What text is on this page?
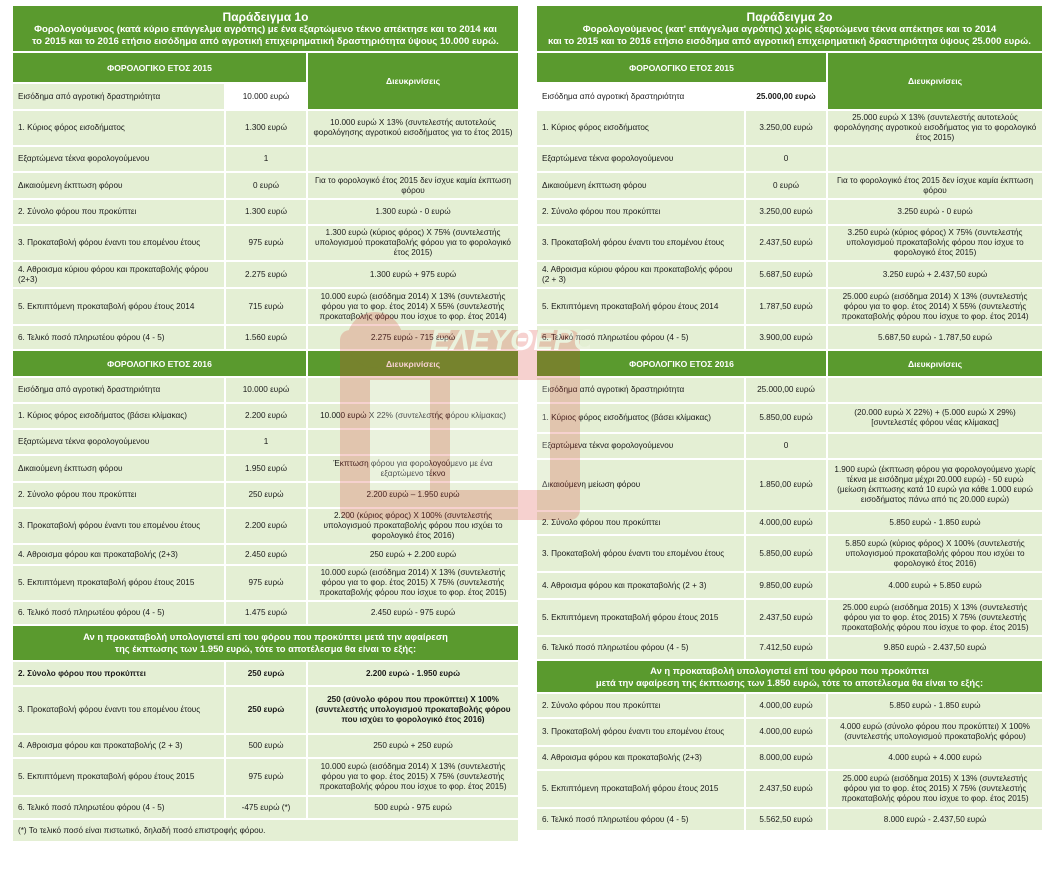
Παράδειγμα 1ο
Φορολογούμενος (κατά κύριο επάγγελμα αγρότης) με ένα εξαρτώμενο τέκνο απέκτησε και το 2014 και
το 2015 και το 2016 ετήσιο εισόδημα από αγροτική επιχειρηματική δραστηριότητα ύψους 10.000 ευρώ.
ΦΟΡΟΛΟΓΙΚΟ ΕΤΟΣ 2015		Διευκρινίσεις
Εισόδημα από αγροτική δραστηριότητα	10.000 ευρώ	
1. Κύριος φόρος εισοδήματος	1.300 ευρώ	10.000 ευρώ Χ 13% (συντελεστής αυτοτελούς φορολόγησης αγροτικού εισοδήματος για το έτος 2015)
Εξαρτώμενα τέκνα φορολογούμενου	1	
Δικαιούμενη έκπτωση φόρου	0 ευρώ	Για το φορολογικό έτος 2015 δεν ίσχυε καμία έκπτωση φόρου
2. Σύνολο φόρου που προκύπτει	1.300 ευρώ	1.300 ευρώ - 0 ευρώ
3. Προκαταβολή φόρου έναντι του επομένου έτους	975 ευρώ	1.300 ευρώ (κύριος φόρος) Χ 75% (συντελεστής υπολογισμού προκαταβολής φόρου για το φορολογικό έτος 2015)
4. Αθροισμα κύριου φόρου και προκαταβολής φόρου (2+3)	2.275 ευρώ	1.300 ευρώ + 975 ευρώ
5. Εκπιπτόμενη προκαταβολή φόρου έτους 2014	715 ευρώ	10.000 ευρώ (εισόδημα 2014) Χ 13% (συντελεστής φόρου για το φορ. έτος 2014) Χ 55% (συντελεστής προκαταβολής φόρου που ίσχυε το φορ. έτος 2014)
6. Τελικό ποσό πληρωτέου φόρου (4 - 5)	1.560 ευρώ	2.275 ευρώ - 715 ευρώ
ΦΟΡΟΛΟΓΙΚΟ ΕΤΟΣ 2016		Διευκρινίσεις
Εισόδημα από αγροτική δραστηριότητα	10.000 ευρώ	
1. Κύριος φόρος εισοδήματος (βάσει κλίμακας)	2.200 ευρώ	10.000 ευρώ Χ 22% (συντελεστής φόρου κλίμακας)
Εξαρτώμενα τέκνα φορολογούμενου	1	
Δικαιούμενη έκπτωση φόρου	1.950 ευρώ	Έκπτωση φόρου για φορολογούμενο με ένα εξαρτώμενο τέκνο
2. Σύνολο φόρου που προκύπτει	250 ευρώ	2.200 ευρώ – 1.950 ευρώ
3. Προκαταβολή φόρου έναντι του επομένου έτους	2.200 ευρώ	2.200 (κύριος φόρος) Χ 100% (συντελεστής υπολογισμού προκαταβολής φόρου που ισχύει το φορολογικό έτος 2016)
4. Αθροισμα φόρου και προκαταβολής (2+3)	2.450 ευρώ	250 ευρώ + 2.200 ευρώ
5. Εκπιπτόμενη προκαταβολή φόρου έτους 2015	975 ευρώ	10.000 ευρώ (εισόδημα 2014) Χ 13% (συντελεστής φόρου για το φορ. έτος 2015) Χ 75% (συντελεστής προκαταβολής φόρου που ίσχυε το φορ. έτος 2015)
6. Τελικό ποσό πληρωτέου φόρου (4 - 5)	1.475 ευρώ	2.450 ευρώ - 975 ευρώ

Αν η προκαταβολή υπολογιστεί επί του φόρου που προκύπτει μετά την αφαίρεση
της έκπτωσης των 1.950 ευρώ, τότε το αποτέλεσμα θα είναι το εξής:		

2. Σύνολο φόρου που προκύπτει	250 ευρώ	2.200 ευρώ - 1.950 ευρώ
3. Προκαταβολή φόρου έναντι του επομένου έτους	250 ευρώ	250 (σύνολο φόρου που προκύπτει) Χ 100% (συντελεστής υπολογισμού προκαταβολής φόρου που ισχύει το φορολογικό έτος 2016)
4. Αθροισμα φόρου και προκαταβολής (2 + 3)	500 ευρώ	250 ευρώ + 250 ευρώ
5. Εκπιπτόμενη προκαταβολή φόρου έτους 2015	975 ευρώ	10.000 ευρώ (εισόδημα 2014) Χ 13% (συντελεστής φόρου για το φορ. έτος 2015) Χ 75% (συντελεστής προκαταβολής φόρου που ίσχυε το φορ. έτος 2015)
6. Τελικό ποσό πληρωτέου φόρου (4 - 5)	-475 ευρώ (*)	500 ευρώ - 975 ευρώ
(*) Το τελικό ποσό είναι πιστωτικό, δηλαδή ποσό επιστροφής φόρου.		
Παράδειγμα 2ο
Φορολογούμενος (κατ' επάγγελμα αγρότης) χωρίς εξαρτώμενα τέκνα απέκτησε και το 2014
και το 2015 και το 2016 ετήσιο εισόδημα από αγροτική επιχειρηματική δραστηριότητα ύψους 25.000 ευρώ.
ΦΟΡΟΛΟΓΙΚΟ ΕΤΟΣ 2015		Διευκρινίσεις
Εισόδημα από αγροτική δραστηριότητα	25.000,00 ευρώ	
1. Κύριος φόρος εισοδήματος	3.250,00 ευρώ	25.000 ευρώ Χ 13% (συντελεστής αυτοτελούς φορολόγησης αγροτικού εισοδήματος για το φορολογικό έτος 2015)
Εξαρτώμενα τέκνα φορολογούμενου	0	
Δικαιούμενη έκπτωση φόρου	0 ευρώ	Για το φορολογικό έτος 2015 δεν ίσχυε καμία έκπτωση φόρου
2. Σύνολο φόρου που προκύπτει	3.250,00 ευρώ	3.250 ευρώ - 0 ευρώ
3. Προκαταβολή φόρου έναντι του επομένου έτους	2.437,50 ευρώ	3.250 ευρώ (κύριος φόρος) Χ 75% (συντελεστής υπολογισμού προκαταβολής φόρου που ίσχυε το φορολογικό έτος 2015)
4. Αθροισμα κύριου φόρου και προκαταβολής φόρου (2 + 3)	5.687,50 ευρώ	3.250 ευρώ + 2.437,50 ευρώ
5. Εκπιπτόμενη προκαταβολή φόρου έτους 2014	1.787,50 ευρώ	25.000 ευρώ (εισόδημα 2014) Χ 13% (συντελεστής φόρου για το φορ. έτος 2014) Χ 55% (συντελεστής προκαταβολής φόρου που ίσχυε το φορ. έτος 2014)
6. Τελικό ποσό πληρωτέου φόρου (4 - 5)	3.900,00 ευρώ	5.687,50 ευρώ - 1.787,50 ευρώ
ΦΟΡΟΛΟΓΙΚΟ ΕΤΟΣ 2016		Διευκρινίσεις
Εισόδημα από αγροτική δραστηριότητα	25.000,00 ευρώ	
1. Κύριος φόρος εισοδήματος (βάσει κλίμακας)	5.850,00 ευρώ	(20.000 ευρώ Χ 22%) + (5.000 ευρώ Χ 29%) [συντελεστές φόρου νέας κλίμακας]
Εξαρτώμενα τέκνα φορολογούμενου	0	
Δικαιούμενη μείωση φόρου	1.850,00 ευρώ	1.900 ευρώ (έκπτωση φόρου για φορολογούμενο χωρίς τέκνα με εισόδημα μέχρι 20.000 ευρώ) - 50 ευρώ (μείωση έκπτωσης κατά 10 ευρώ για κάθε 1.000 ευρώ εισοδήματος πάνω από τις 20.000 ευρώ)
2. Σύνολο φόρου που προκύπτει	4.000,00 ευρώ	5.850 ευρώ - 1.850 ευρώ
3. Προκαταβολή φόρου έναντι του επομένου έτους	5.850,00 ευρώ	5.850 ευρώ (κύριος φόρος) Χ 100% (συντελεστής υπολογισμού προκαταβολής φόρου που ισχύει το φορολογικό έτος 2016)
4. Αθροισμα φόρου και προκαταβολής (2 + 3)	9.850,00 ευρώ	4.000 ευρώ + 5.850 ευρώ
5. Εκπιπτόμενη προκαταβολή φόρου έτους 2015	2.437,50 ευρώ	25.000 ευρώ (εισόδημα 2015) Χ 13% (συντελεστής φόρου για το φορ. έτος 2015) Χ 75% (συντελεστής προκαταβολής φόρου που ίσχυε το φορ. έτος 2015)
6. Τελικό ποσό πληρωτέου φόρου (4 - 5)	7.412,50 ευρώ	9.850 ευρώ - 2.437,50 ευρώ

Αν η προκαταβολή υπολογιστεί επί του φόρου που προκύπτει
μετά την αφαίρεση της έκπτωσης των 1.850 ευρώ, τότε το αποτέλεσμα θα είναι το εξής:		

2. Σύνολο φόρου που προκύπτει	4.000,00 ευρώ	5.850 ευρώ - 1.850 ευρώ
3. Προκαταβολή φόρου έναντι του επομένου έτους	4.000,00 ευρώ	4.000 ευρώ (σύνολο φόρου που προκύπτει) Χ 100% (συντελεστής υπολογισμού προκαταβολής φόρου)
4. Αθροισμα φόρου και προκαταβολής (2+3)	8.000,00 ευρώ	4.000 ευρώ + 4.000 ευρώ
5. Εκπιπτόμενη προκαταβολή φόρου έτους 2015	2.437,50 ευρώ	25.000 ευρώ (εισόδημα 2015) Χ 13% (συντελεστής φόρου για το φορ. έτος 2015) Χ 75% (συντελεστής προκαταβολής φόρου που ίσχυε το φορ. έτος 2015)
6. Τελικό ποσό πληρωτέου φόρου (4 - 5)	5.562,50 ευρώ	8.000 ευρώ - 2.437,50 ευρώ
ΕΛΕΥΘΕΡ
